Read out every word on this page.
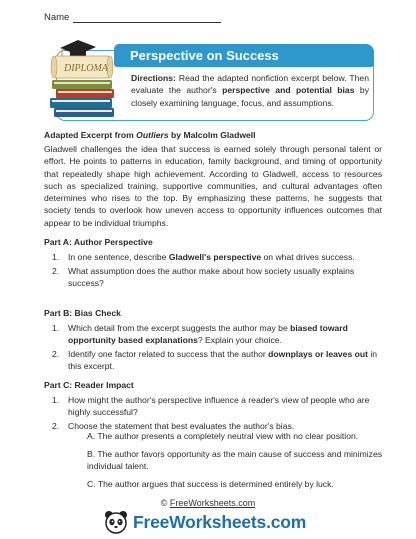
Name
Perspective on Success
DIPLOMA
Directions: Read the adapted nonfiction excerpt below. Then evaluate the author's perspective and potential bias by closely examining language, focus, and assumptions.
Adapted Excerpt from Outliers by Malcolm Gladwell
Gladwell challenges the idea that success is earned solely through personal talent or effort. He points to patterns in education, family background, and timing of opportunity that repeatedly shape high achievement. According to Gladwell, access to resources such as specialized training, supportive communities, and cultural advantages often determines who rises to the top. By emphasizing these patterns, he suggests that society tends to overlook how uneven access to opportunity influences outcomes that appear to be individual triumphs.
Part A: Author Perspective
1. In one sentence, describe Gladwell's perspective on what drives success.
2. What assumption does the author make about how society usually explains success?
Part B: Bias Check
1. Which detail from the excerpt suggests the author may be biased toward opportunity based explanations? Explain your choice.
2. Identify one factor related to success that the author downplays or leaves out in this excerpt.
Part C: Reader Impact
1. How might the author's perspective influence a reader's view of people who are highly successful?
2. Choose the statement that best evaluates the author's bias.
A. The author presents a completely neutral view with no clear position.
B. The author favors opportunity as the main cause of success and minimizes individual talent.
C. The author argues that success is determined entirely by luck.
© FreeWorksheets.com
FreeWorksheets.com
